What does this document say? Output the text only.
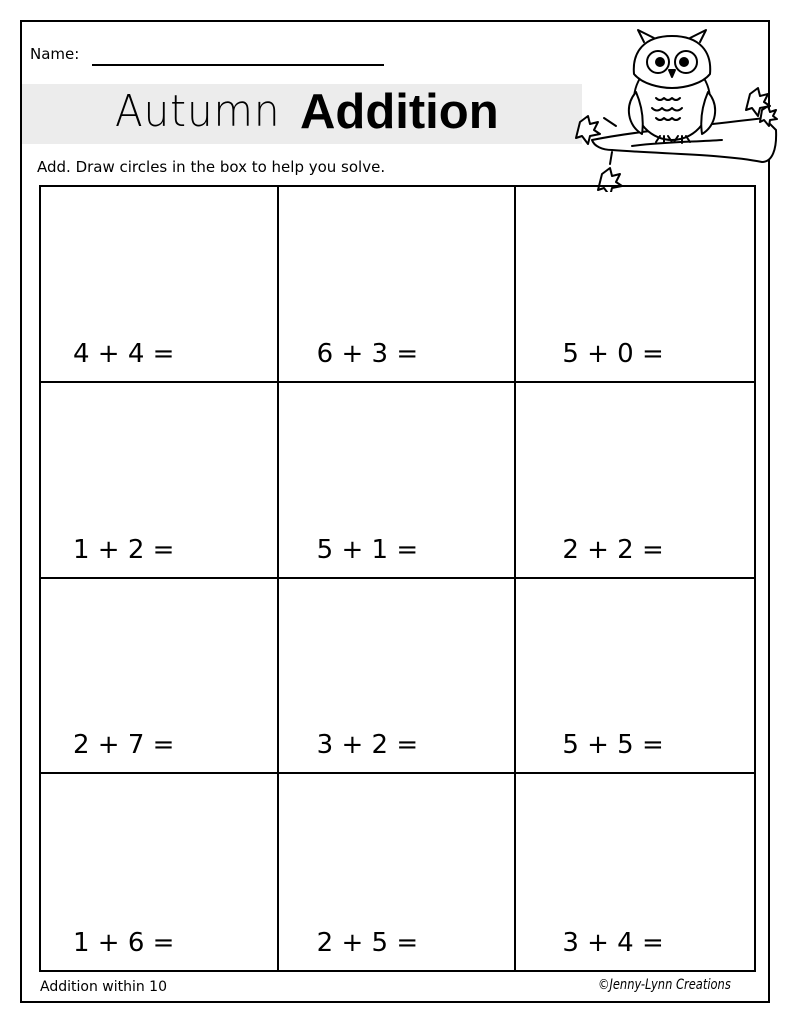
Name:
Autumn Addition
Add. Draw circles in the box to help you solve.
4 + 4 =	6 + 3 =	5 + 0 =
1 + 2 =	5 + 1 =	2 + 2 =
2 + 7 =	3 + 2 =	5 + 5 =
1 + 6 =	2 + 5 =	3 + 4 =
Addition within 10	©Jenny-Lynn Creations
